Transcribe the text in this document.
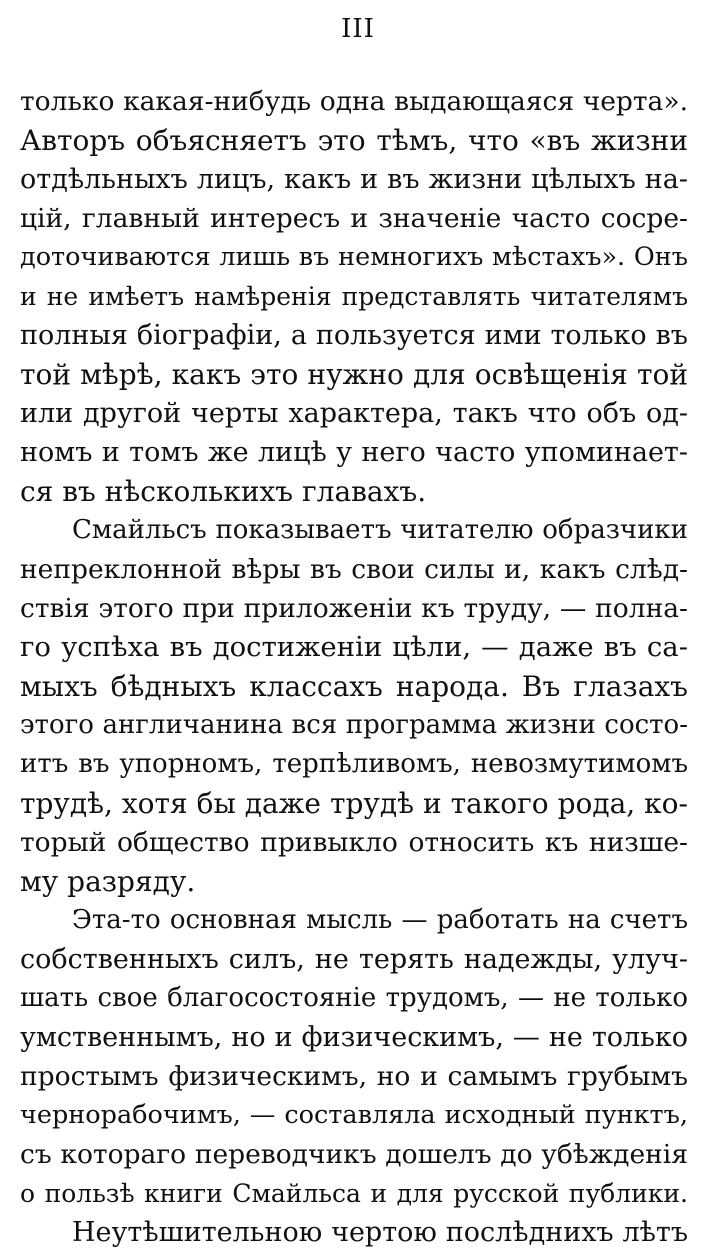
III
только какая-нибудь одна выдающаяся черта».
Авторъ объясняетъ это тѣмъ, что «въ жизни
отдѣльныхъ лицъ, какъ и въ жизни цѣлыхъ на-
цій, главный интересъ и значеніе часто сосре-
доточиваются лишь въ немногихъ мѣстахъ». Онъ
и не имѣетъ намѣренія представлять читателямъ
полныя біографіи, а пользуется ими только въ
той мѣрѣ, какъ это нужно для освѣщенія той
или другой черты характера, такъ что объ од-
номъ и томъ же лицѣ у него часто упоминает-
ся въ нѣсколькихъ главахъ.
Смайльсъ показываетъ читателю образчики
непреклонной вѣры въ свои силы и, какъ слѣд-
ствія этого при приложеніи къ труду, — полна-
го успѣха въ достиженіи цѣли, — даже въ са-
мыхъ бѣдныхъ классахъ народа. Въ глазахъ
этого англичанина вся программа жизни состо-
итъ въ упорномъ, терпѣливомъ, невозмутимомъ
трудѣ, хотя бы даже трудѣ и такого рода, ко-
торый общество привыкло относить къ низше-
му разряду.
Эта-то основная мысль — работать на счетъ
собственныхъ силъ, не терять надежды, улуч-
шать свое благосостояніе трудомъ, — не только
умственнымъ, но и физическимъ, — не только
простымъ физическимъ, но и самымъ грубымъ
чернорабочимъ, — составляла исходный пунктъ,
съ котораго переводчикъ дошелъ до убѣжденія
о пользѣ книги Смайльса и для русской публики.
Неутѣшительною чертою послѣднихъ лѣтъ
